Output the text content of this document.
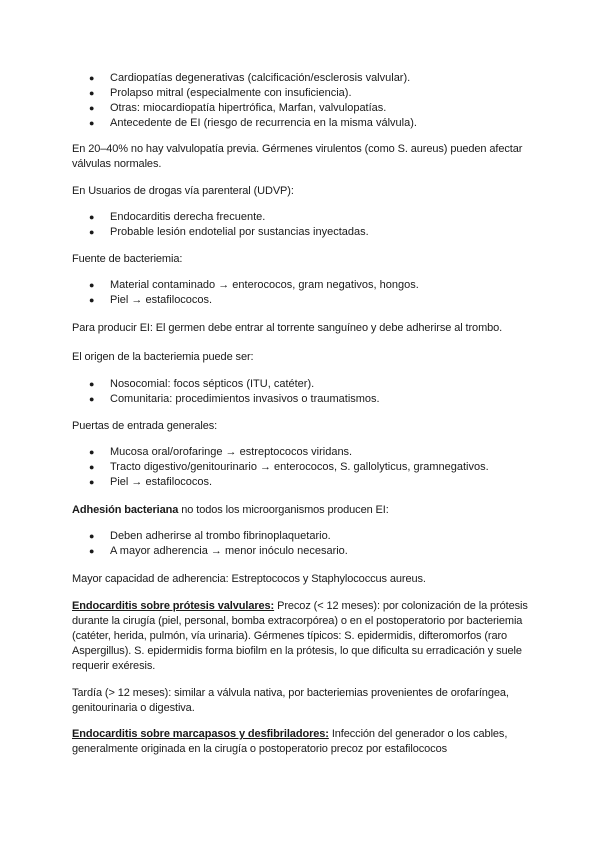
● Cardiopatías degenerativas (calcificación/esclerosis valvular).
● Prolapso mitral (especialmente con insuficiencia).
● Otras: miocardiopatía hipertrófica, Marfan, valvulopatías.
● Antecedente de EI (riesgo de recurrencia en la misma válvula).

En 20–40% no hay valvulopatía previa. Gérmenes virulentos (como S. aureus) pueden afectar válvulas normales.

En Usuarios de drogas vía parenteral (UDVP):

● Endocarditis derecha frecuente.
● Probable lesión endotelial por sustancias inyectadas.

Fuente de bacteriemia:

● Material contaminado → enterococos, gram negativos, hongos.
● Piel → estafilococos.

Para producir EI: El germen debe entrar al torrente sanguíneo y debe adherirse al trombo.

El origen de la bacteriemia puede ser:

● Nosocomial: focos sépticos (ITU, catéter).
● Comunitaria: procedimientos invasivos o traumatismos.

Puertas de entrada generales:

● Mucosa oral/orofaringe → estreptococos viridans.
● Tracto digestivo/genitourinario → enterococos, S. gallolyticus, gramnegativos.
● Piel → estafilococos.

Adhesión bacteriana no todos los microorganismos producen EI:

● Deben adherirse al trombo fibrinoplaquetario.
● A mayor adherencia → menor inóculo necesario.

Mayor capacidad de adherencia: Estreptococos y Staphylococcus aureus.

Endocarditis sobre prótesis valvulares: Precoz (< 12 meses): por colonización de la prótesis durante la cirugía (piel, personal, bomba extracorpórea) o en el postoperatorio por bacteriemia (catéter, herida, pulmón, vía urinaria). Gérmenes típicos: S. epidermidis, difteromorfos (raro Aspergillus). S. epidermidis forma biofilm en la prótesis, lo que dificulta su erradicación y suele requerir exéresis.

Tardía (> 12 meses): similar a válvula nativa, por bacteriemias provenientes de orofaríngea, genitourinaria o digestiva.

Endocarditis sobre marcapasos y desfibriladores: Infección del generador o los cables, generalmente originada en la cirugía o postoperatorio precoz por estafilococos
